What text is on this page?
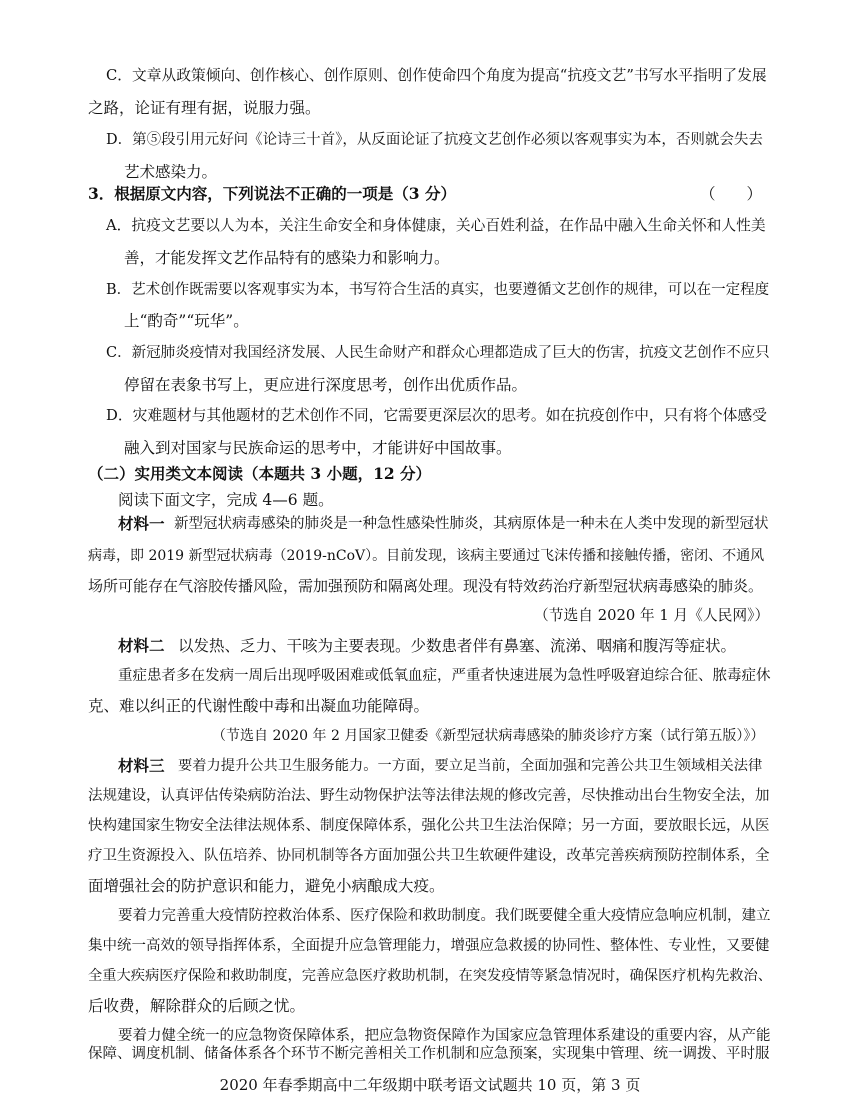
C．文章从政策倾向、创作核心、创作原则、创作使命四个角度为提高“抗疫文艺”书写水平指明了发展
之路，论证有理有据，说服力强。
D．第⑤段引用元好问《论诗三十首》，从反面论证了抗疫文艺创作必须以客观事实为本，否则就会失去
艺术感染力。
3．根据原文内容，下列说法不正确的一项是（3 分）	（　　）
A．抗疫文艺要以人为本，关注生命安全和身体健康，关心百姓利益，在作品中融入生命关怀和人性美
善，才能发挥文艺作品特有的感染力和影响力。
B．艺术创作既需要以客观事实为本，书写符合生活的真实，也要遵循文艺创作的规律，可以在一定程度
上“酌奇”“玩华”。
C．新冠肺炎疫情对我国经济发展、人民生命财产和群众心理都造成了巨大的伤害，抗疫文艺创作不应只
停留在表象书写上，更应进行深度思考，创作出优质作品。
D．灾难题材与其他题材的艺术创作不同，它需要更深层次的思考。如在抗疫创作中，只有将个体感受
融入到对国家与民族命运的思考中，才能讲好中国故事。
（二）实用类文本阅读（本题共 3 小题，12 分）
阅读下面文字，完成 4—6 题。
材料一 新型冠状病毒感染的肺炎是一种急性感染性肺炎，其病原体是一种未在人类中发现的新型冠状
病毒，即 2019 新型冠状病毒（2019-nCoV）。目前发现，该病主要通过飞沫传播和接触传播，密闭、不通风
场所可能存在气溶胶传播风险，需加强预防和隔离处理。现没有特效药治疗新型冠状病毒感染的肺炎。
（节选自 2020 年 1 月《人民网》）
材料二 以发热、乏力、干咳为主要表现。少数患者伴有鼻塞、流涕、咽痛和腹泻等症状。
重症患者多在发病一周后出现呼吸困难或低氧血症，严重者快速进展为急性呼吸窘迫综合征、脓毒症休
克、难以纠正的代谢性酸中毒和出凝血功能障碍。
（节选自 2020 年 2 月国家卫健委《新型冠状病毒感染的肺炎诊疗方案（试行第五版）》）
材料三 要着力提升公共卫生服务能力。一方面，要立足当前，全面加强和完善公共卫生领域相关法律
法规建设，认真评估传染病防治法、野生动物保护法等法律法规的修改完善，尽快推动出台生物安全法，加
快构建国家生物安全法律法规体系、制度保障体系，强化公共卫生法治保障；另一方面，要放眼长远，从医
疗卫生资源投入、队伍培养、协同机制等各方面加强公共卫生软硬件建设，改革完善疾病预防控制体系，全
面增强社会的防护意识和能力，避免小病酿成大疫。
要着力完善重大疫情防控救治体系、医疗保险和救助制度。我们既要健全重大疫情应急响应机制，建立
集中统一高效的领导指挥体系，全面提升应急管理能力，增强应急救援的协同性、整体性、专业性，又要健
全重大疾病医疗保险和救助制度，完善应急医疗救助机制，在突发疫情等紧急情况时，确保医疗机构先救治、
后收费，解除群众的后顾之忧。
要着力健全统一的应急物资保障体系，把应急物资保障作为国家应急管理体系建设的重要内容，从产能
保障、调度机制、储备体系各个环节不断完善相关工作机制和应急预案，实现集中管理、统一调拨、平时服
2020 年春季期高中二年级期中联考语文试题共 10 页，第 3 页
